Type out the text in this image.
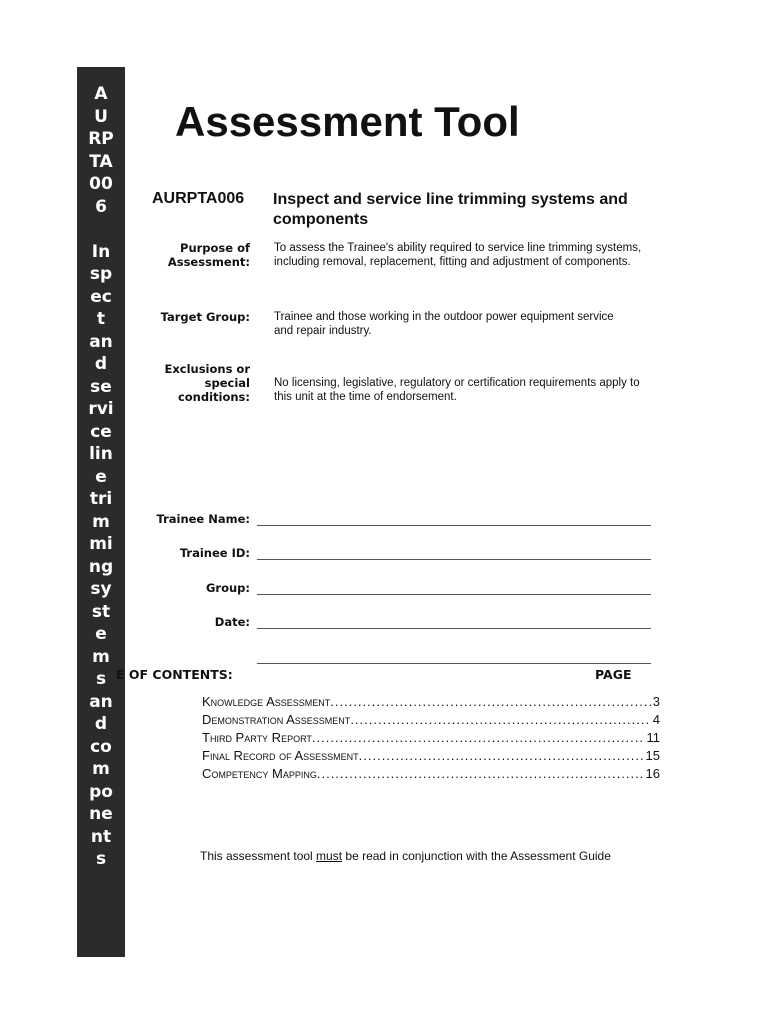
A
U
RP
TA
00
6

In
sp
ec
t
an
d
se
rvi
ce
lin
e
tri
m
mi
ng
sy
st
e
m
s
an
d
co
m
po
ne
nt
s
Assessment Tool
AURPTA006 Inspect and service line trimming systems and components
Purpose of Assessment:
To assess the Trainee's ability required to service line trimming systems, including removal, replacement, fitting and adjustment of components.
Target Group: Trainee and those working in the outdoor power equipment service and repair industry.
Exclusions or special conditions:
No licensing, legislative, regulatory or certification requirements apply to this unit at the time of endorsement.
Trainee Name:
Trainee ID:
Group:
Date:
E OF CONTENTS:	PAGE
Knowledge Assessment .....	3
Demonstration Assessment .....	4
Third Party Report .....	11
Final Record of Assessment .....	15
Competency Mapping .....	16
This assessment tool must be read in conjunction with the Assessment Guide
